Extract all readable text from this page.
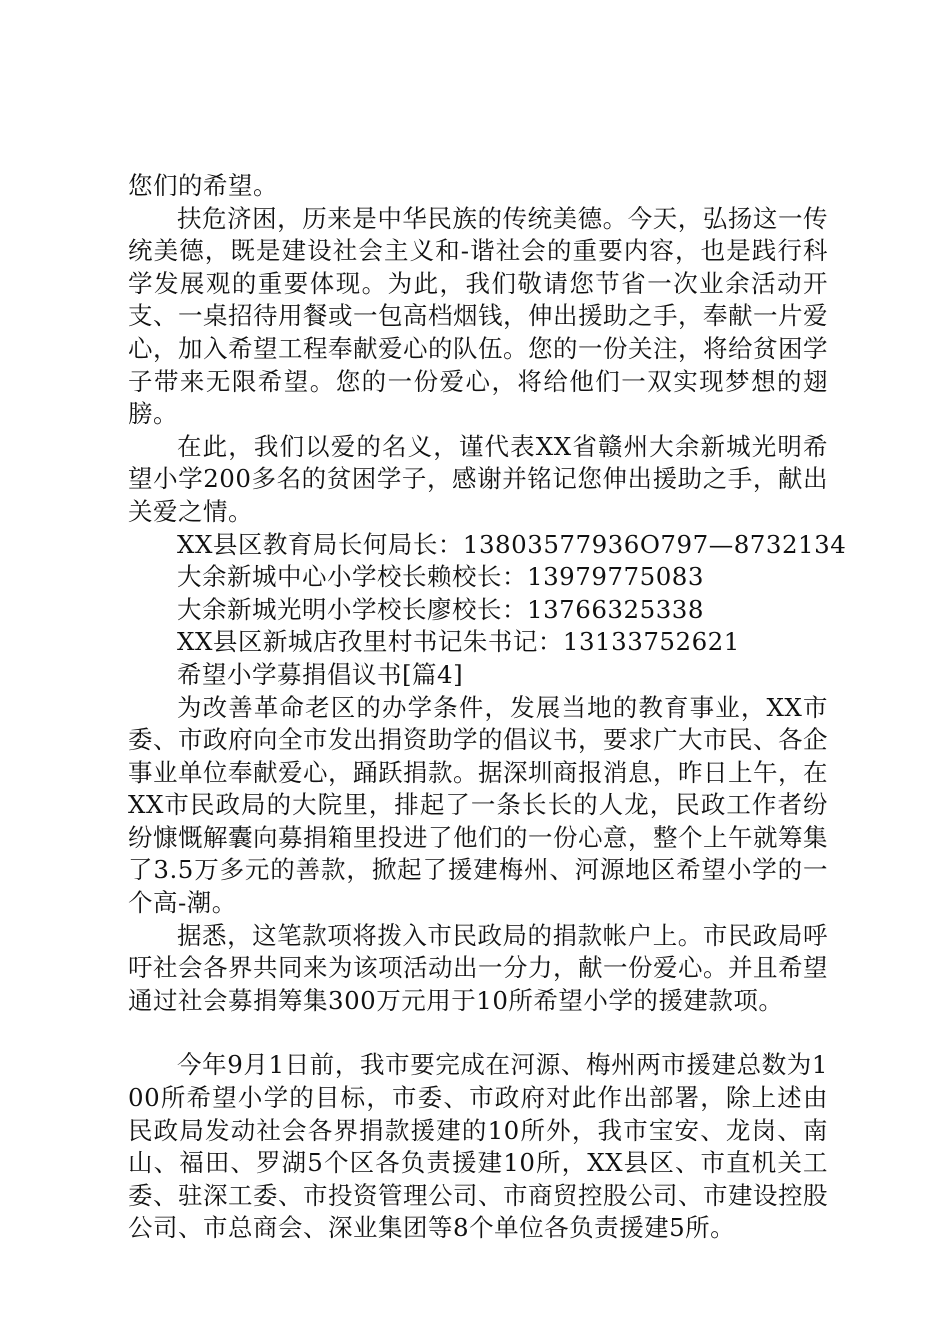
您们的希望。

扶危济困，历来是中华民族的传统美德。今天，弘扬这一传统美德，既是建设社会主义和-谐社会的重要内容，也是践行科学发展观的重要体现。为此，我们敬请您节省一次业余活动开支、一桌招待用餐或一包高档烟钱，伸出援助之手，奉献一片爱心，加入希望工程奉献爱心的队伍。您的一份关注，将给贫困学子带来无限希望。您的一份爱心，将给他们一双实现梦想的翅膀。

在此，我们以爱的名义，谨代表XX省赣州大余新城光明希望小学200多名的贫困学子，感谢并铭记您伸出援助之手，献出关爱之情。

XX县区教育局长何局长：13803577936O797—8732134

大余新城中心小学校长赖校长：13979775083

大余新城光明小学校长廖校长：13766325338

XX县区新城店孜里村书记朱书记：13133752621

希望小学募捐倡议书[篇4]

为改善革命老区的办学条件，发展当地的教育事业，XX市委、市政府向全市发出捐资助学的倡议书，要求广大市民、各企事业单位奉献爱心，踊跃捐款。据深圳商报消息，昨日上午，在XX市民政局的大院里，排起了一条长长的人龙，民政工作者纷纷慷慨解囊向募捐箱里投进了他们的一份心意，整个上午就筹集了3.5万多元的善款，掀起了援建梅州、河源地区希望小学的一个高-潮。

据悉，这笔款项将拨入市民政局的捐款帐户上。市民政局呼吁社会各界共同来为该项活动出一分力，献一份爱心。并且希望通过社会募捐筹集300万元用于10所希望小学的援建款项。

今年9月1日前，我市要完成在河源、梅州两市援建总数为100所希望小学的目标，市委、市政府对此作出部署，除上述由民政局发动社会各界捐款援建的10所外，我市宝安、龙岗、南山、福田、罗湖5个区各负责援建10所，XX县区、市直机关工委、驻深工委、市投资管理公司、市商贸控股公司、市建设控股公司、市总商会、深业集团等8个单位各负责援建5所。
